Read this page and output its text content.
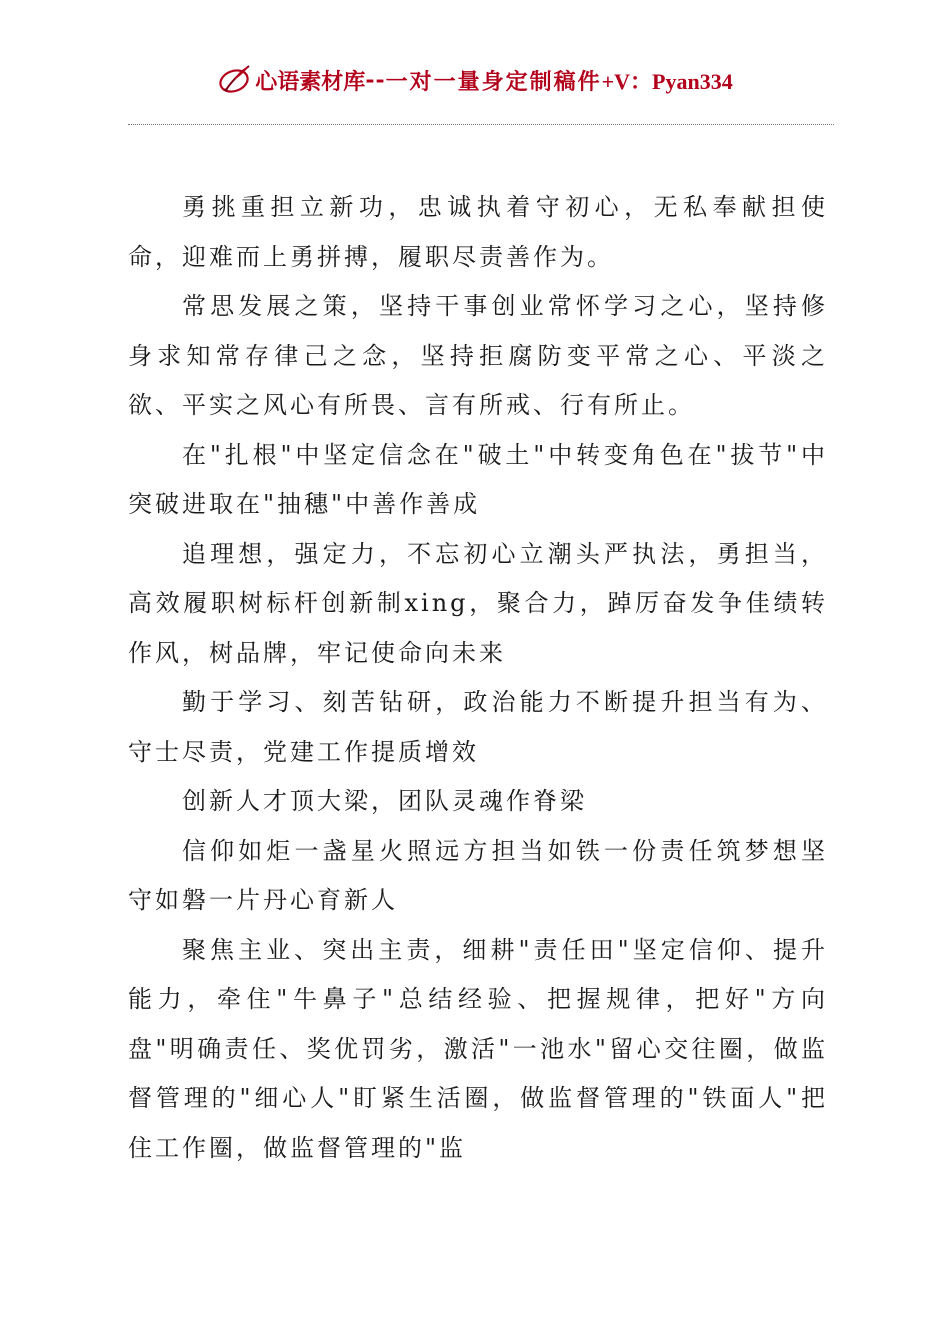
心语素材库 -- 一对一量身定制稿件 +V：Pyan334

勇挑重担立新功，忠诚执着守初心，无私奉献担使命，迎难而上勇拼搏，履职尽责善作为。

常思发展之策，坚持干事创业常怀学习之心，坚持修身求知常存律己之念，坚持拒腐防变平常之心、平淡之欲、平实之风心有所畏、言有所戒、行有所止。

在"扎根"中坚定信念在"破土"中转变角色在"拔节"中突破进取在"抽穗"中善作善成

追理想，强定力，不忘初心立潮头严执法，勇担当，高效履职树标杆创新制xing，聚合力，踔厉奋发争佳绩转作风，树品牌，牢记使命向未来

勤于学习、刻苦钻研，政治能力不断提升担当有为、守士尽责，党建工作提质增效

创新人才顶大梁，团队灵魂作脊梁

信仰如炬一盏星火照远方担当如铁一份责任筑梦想坚守如磐一片丹心育新人

聚焦主业、突出主责，细耕"责任田"坚定信仰、提升能力，牵住"牛鼻子"总结经验、把握规律，把好"方向盘"明确责任、奖优罚劣，激活"一池水"留心交往圈，做监督管理的"细心人"盯紧生活圈，做监督管理的"铁面人"把住工作圈，做监督管理的"监
